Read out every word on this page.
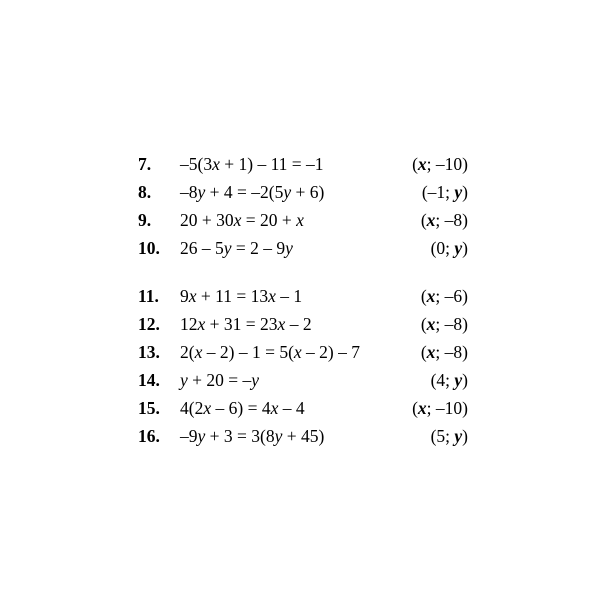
7. –5(3x + 1) – 11 = –1	(x; –10)
8. –8y + 4 = –2(5y + 6)	(–1; y)
9. 20 + 30x = 20 + x	(x; –8)
10. 26 – 5y = 2 – 9y	(0; y)
11. 9x + 11 = 13x – 1	(x; –6)
12. 12x + 31 = 23x – 2	(x; –8)
13. 2(x – 2) – 1 = 5(x – 2) – 7	(x; –8)
14. y + 20 = –y	(4; y)
15. 4(2x – 6) = 4x – 4	(x; –10)
16. –9y + 3 = 3(8y + 45)	(5; y)
